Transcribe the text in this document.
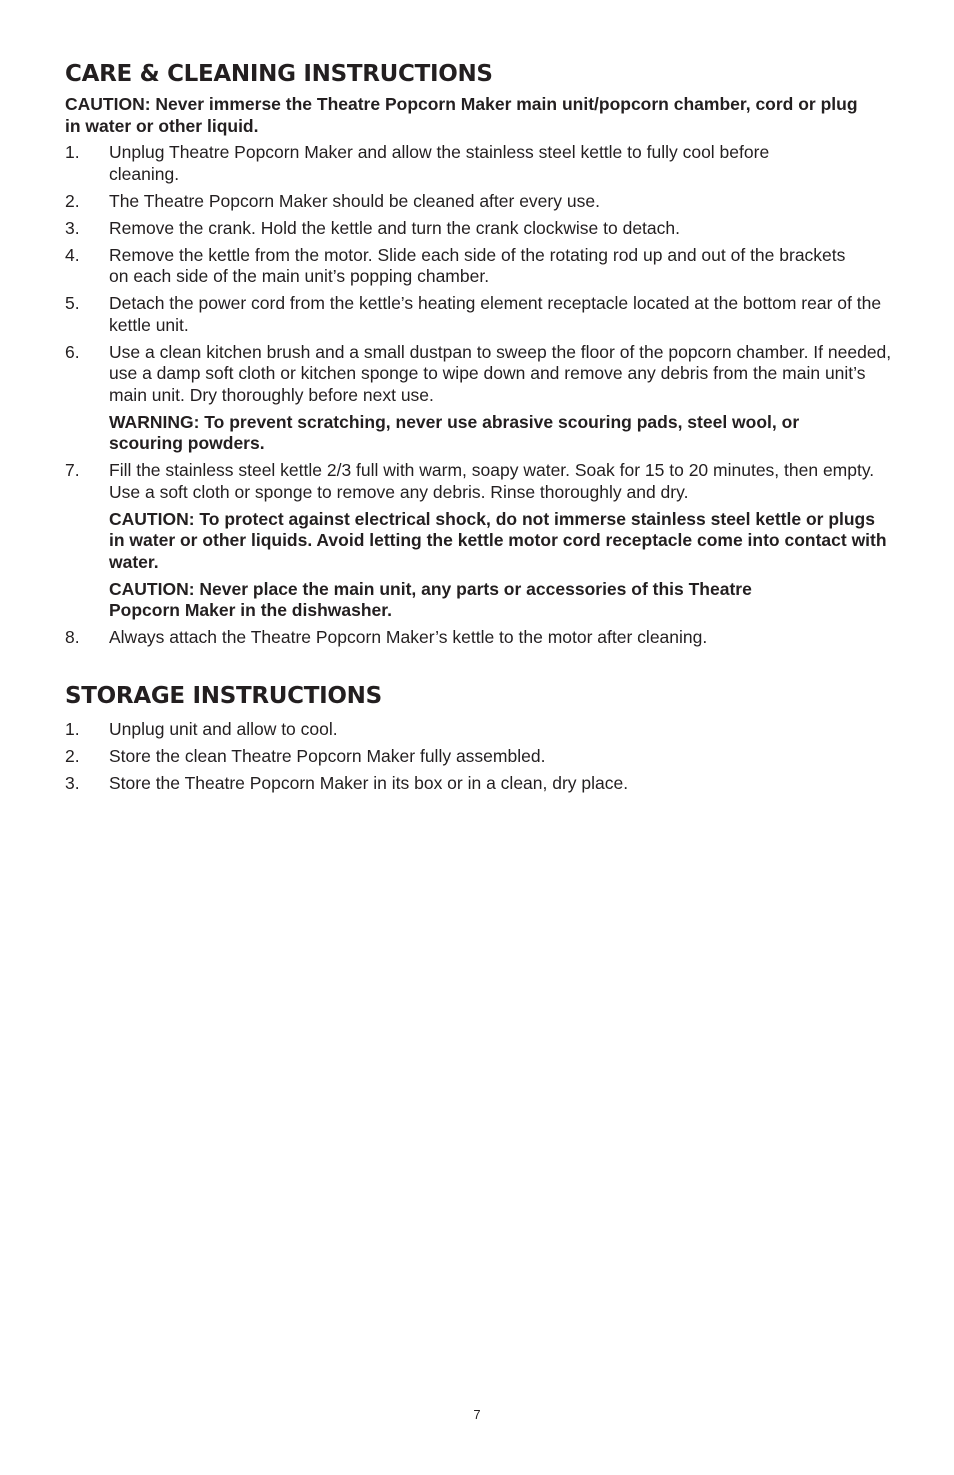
CARE & CLEANING INSTRUCTIONS

CAUTION: Never immerse the Theatre Popcorn Maker main unit/popcorn chamber, cord or plug in water or other liquid.

1. Unplug Theatre Popcorn Maker and allow the stainless steel kettle to fully cool before cleaning.
2. The Theatre Popcorn Maker should be cleaned after every use.
3. Remove the crank. Hold the kettle and turn the crank clockwise to detach.
4. Remove the kettle from the motor. Slide each side of the rotating rod up and out of the brackets on each side of the main unit’s popping chamber.
5. Detach the power cord from the kettle’s heating element receptacle located at the bottom rear of the kettle unit.
6. Use a clean kitchen brush and a small dustpan to sweep the floor of the popcorn chamber. If needed, use a damp soft cloth or kitchen sponge to wipe down and remove any debris from the main unit’s main unit. Dry thoroughly before next use.
WARNING: To prevent scratching, never use abrasive scouring pads, steel wool, or scouring powders.
7. Fill the stainless steel kettle 2/3 full with warm, soapy water. Soak for 15 to 20 minutes, then empty. Use a soft cloth or sponge to remove any debris. Rinse thoroughly and dry.
CAUTION: To protect against electrical shock, do not immerse stainless steel kettle or plugs in water or other liquids. Avoid letting the kettle motor cord receptacle come into contact with water.
CAUTION: Never place the main unit, any parts or accessories of this Theatre Popcorn Maker in the dishwasher.
8. Always attach the Theatre Popcorn Maker’s kettle to the motor after cleaning.
STORAGE INSTRUCTIONS
1. Unplug unit and allow to cool.
2. Store the clean Theatre Popcorn Maker fully assembled.
3. Store the Theatre Popcorn Maker in its box or in a clean, dry place.
7
